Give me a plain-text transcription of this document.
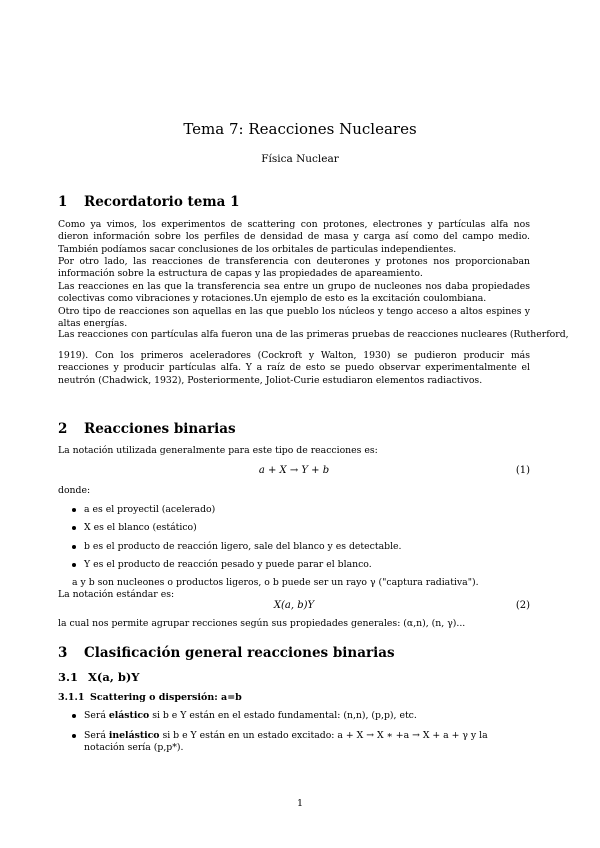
Tema 7: Reacciones Nucleares
Física Nuclear
1 Recordatorio tema 1
Como ya vimos, los experimentos de scattering con protones, electrones y partículas alfa nos dieron información sobre los perfiles de densidad de masa y carga así como del campo medio. También podíamos sacar conclusiones de los orbitales de particulas independientes.
Por otro lado, las reacciones de transferencia con deuterones y protones nos proporcionaban información sobre la estructura de capas y las propiedades de apareamiento.
Las reacciones en las que la transferencia sea entre un grupo de nucleones nos daba propiedades colectivas como vibraciones y rotaciones.Un ejemplo de esto es la excitación coulombiana.
Otro tipo de reacciones son aquellas en las que pueblo los núcleos y tengo acceso a altos espines y altas energías.
Las reacciones con partículas alfa fueron una de las primeras pruebas de reacciones nucleares (Rutherford,
1919). Con los primeros aceleradores (Cockroft y Walton, 1930) se pudieron producir más reacciones y producir partículas alfa. Y a raíz de esto se puedo observar experimentalmente el neutrón (Chadwick, 1932), Posteriormente, Joliot-Curie estudiaron elementos radiactivos.
2 Reacciones binarias
La notación utilizada generalmente para este tipo de reacciones es:
a + X → Y + b	(1)
donde:
a es el proyectil (acelerado)
X es el blanco (estático)
b es el producto de reacción ligero, sale del blanco y es detectable.
Y es el producto de reacción pesado y puede parar el blanco.
a y b son nucleones o productos ligeros, o b puede ser un rayo γ ("captura radiativa").
La notación estándar es:
X(a, b)Y	(2)
la cual nos permite agrupar recciones según sus propiedades generales: (α,n), (n, γ)...
3 Clasificación general reacciones binarias
3.1 X(a, b)Y
3.1.1 Scattering o dispersión: a=b
Será elástico si b e Y están en el estado fundamental: (n,n), (p,p), etc.
Será inelástico si b e Y están en un estado excitado: a + X → X ∗ +a → X + a + γ y la notación sería (p,p*).
1
